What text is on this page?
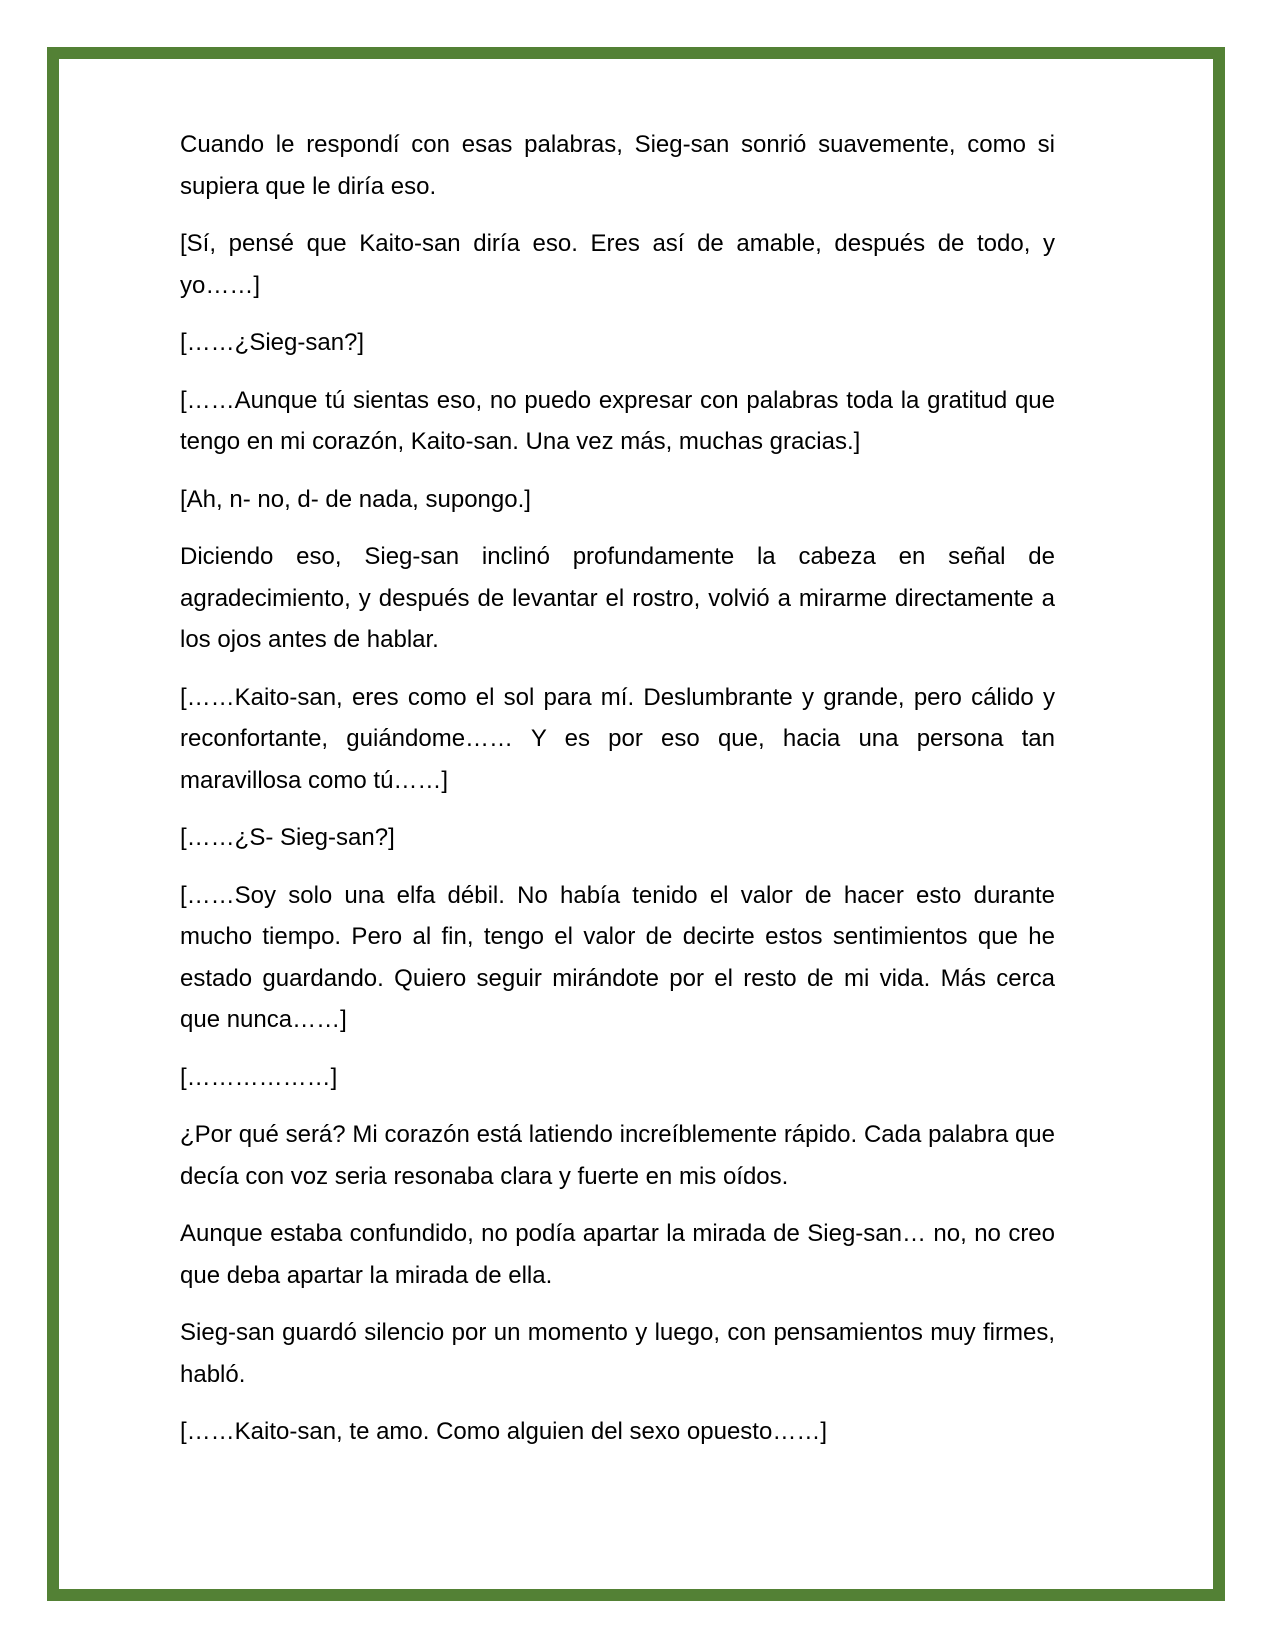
Cuando le respondí con esas palabras, Sieg-san sonrió suavemente, como si supiera que le diría eso.

[Sí, pensé que Kaito-san diría eso. Eres así de amable, después de todo, y yo……]

[……¿Sieg-san?]

[……Aunque tú sientas eso, no puedo expresar con palabras toda la gratitud que tengo en mi corazón, Kaito-san. Una vez más, muchas gracias.]

[Ah, n- no, d- de nada, supongo.]

Diciendo eso, Sieg-san inclinó profundamente la cabeza en señal de agradecimiento, y después de levantar el rostro, volvió a mirarme directamente a los ojos antes de hablar.

[……Kaito-san, eres como el sol para mí. Deslumbrante y grande, pero cálido y reconfortante, guiándome…… Y es por eso que, hacia una persona tan maravillosa como tú……]

[……¿S- Sieg-san?]

[……Soy solo una elfa débil. No había tenido el valor de hacer esto durante mucho tiempo. Pero al fin, tengo el valor de decirte estos sentimientos que he estado guardando. Quiero seguir mirándote por el resto de mi vida. Más cerca que nunca……]

[………………]

¿Por qué será? Mi corazón está latiendo increíblemente rápido. Cada palabra que decía con voz seria resonaba clara y fuerte en mis oídos.

Aunque estaba confundido, no podía apartar la mirada de Sieg-san… no, no creo que deba apartar la mirada de ella.

Sieg-san guardó silencio por un momento y luego, con pensamientos muy firmes, habló.

[……Kaito-san, te amo. Como alguien del sexo opuesto……]
